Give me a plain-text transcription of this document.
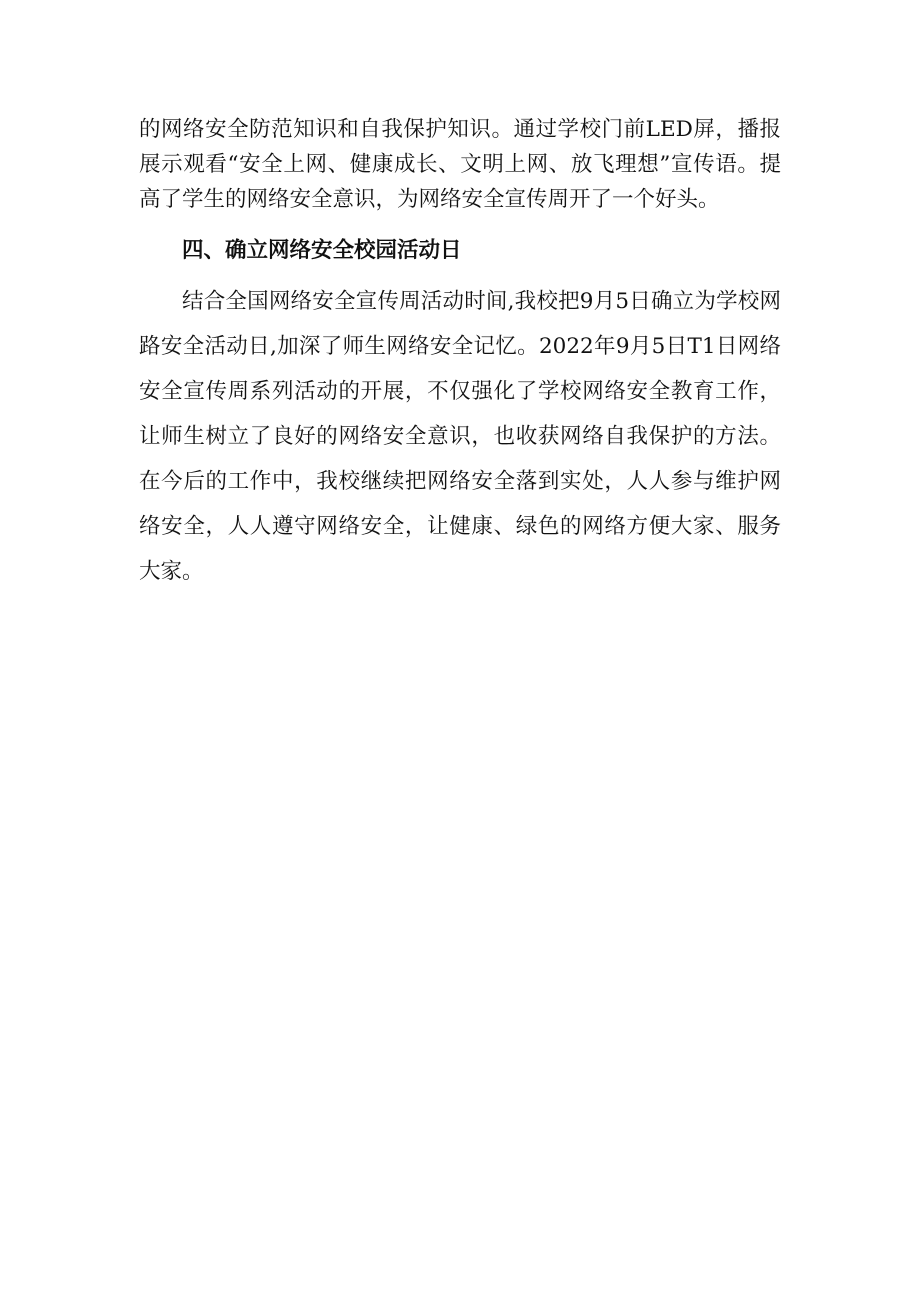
的网络安全防范知识和自我保护知识。通过学校门前LED屏，播报展示观看“安全上网、健康成长、文明上网、放飞理想”宣传语。提高了学生的网络安全意识，为网络安全宣传周开了一个好头。

四、确立网络安全校园活动日

结合全国网络安全宣传周活动时间,我校把9月5日确立为学校网路安全活动日,加深了师生网络安全记忆。2022年9月5日T1日网络安全宣传周系列活动的开展，不仅强化了学校网络安全教育工作，让师生树立了良好的网络安全意识，也收获网络自我保护的方法。在今后的工作中，我校继续把网络安全落到实处，人人参与维护网络安全，人人遵守网络安全，让健康、绿色的网络方便大家、服务大家。
